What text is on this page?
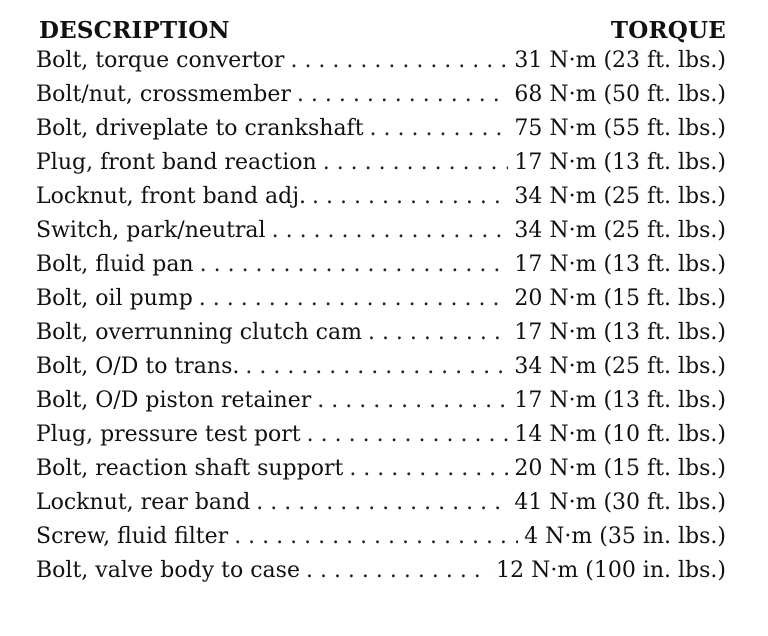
DESCRIPTION	TORQUE
Bolt, torque convertor . . .	31 N·m (23 ft. lbs.)
Bolt/nut, crossmember . . .	68 N·m (50 ft. lbs.)
Bolt, driveplate to crankshaft . . .	75 N·m (55 ft. lbs.)
Plug, front band reaction . . .	17 N·m (13 ft. lbs.)
Locknut, front band adj. . . .	34 N·m (25 ft. lbs.)
Switch, park/neutral . . .	34 N·m (25 ft. lbs.)
Bolt, fluid pan . . .	17 N·m (13 ft. lbs.)
Bolt, oil pump . . .	20 N·m (15 ft. lbs.)
Bolt, overrunning clutch cam . . .	17 N·m (13 ft. lbs.)
Bolt, O/D to trans. . . .	34 N·m (25 ft. lbs.)
Bolt, O/D piston retainer . . .	17 N·m (13 ft. lbs.)
Plug, pressure test port . . .	14 N·m (10 ft. lbs.)
Bolt, reaction shaft support . . .	20 N·m (15 ft. lbs.)
Locknut, rear band . . .	41 N·m (30 ft. lbs.)
Screw, fluid filter . . .	4 N·m (35 in. lbs.)
Bolt, valve body to case . . .	12 N·m (100 in. lbs.)
